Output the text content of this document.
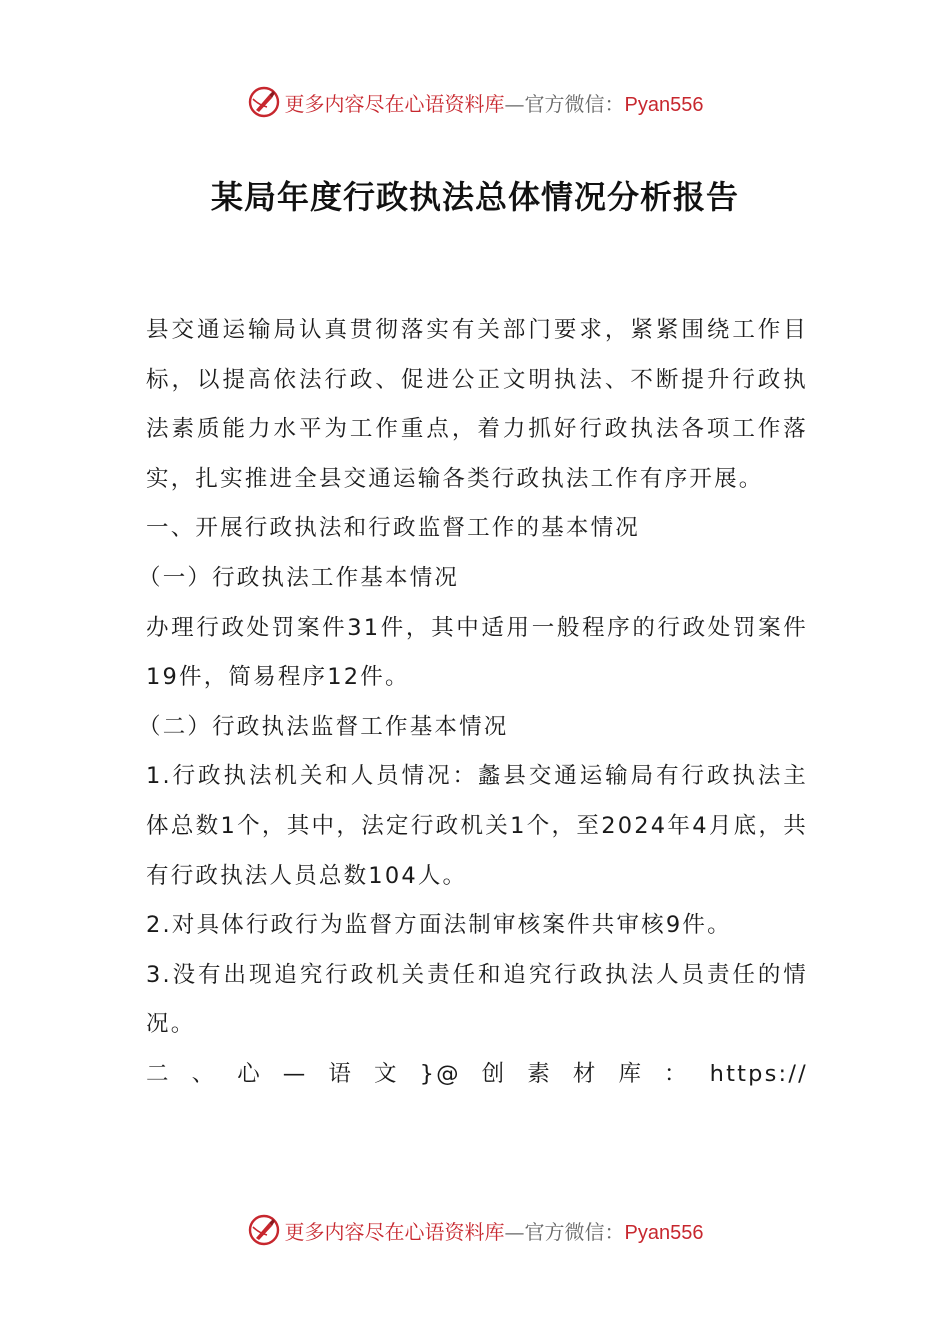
更多内容尽在心语资料库—官方微信：Pyan556
某局年度行政执法总体情况分析报告

县交通运输局认真贯彻落实有关部门要求，紧紧围绕工作目标，以提高依法行政、促进公正文明执法、不断提升行政执法素质能力水平为工作重点，着力抓好行政执法各项工作落实，扎实推进全县交通运输各类行政执法工作有序开展。

一、开展行政执法和行政监督工作的基本情况

（一）行政执法工作基本情况

办理行政处罚案件31件，其中适用一般程序的行政处罚案件19件，简易程序12件。

（二）行政执法监督工作基本情况

1.行政执法机关和人员情况：蠡县交通运输局有行政执法主体总数1个，其中，法定行政机关1个，至2024年4月底，共有行政执法人员总数104人。

2.对具体行政行为监督方面法制审核案件共审核9件。

3.没有出现追究行政机关责任和追究行政执法人员责任的情况。

二 、 心 — 语 文 }@ 创 素 材 库 ： https://

更多内容尽在心语资料库—官方微信：Pyan556
